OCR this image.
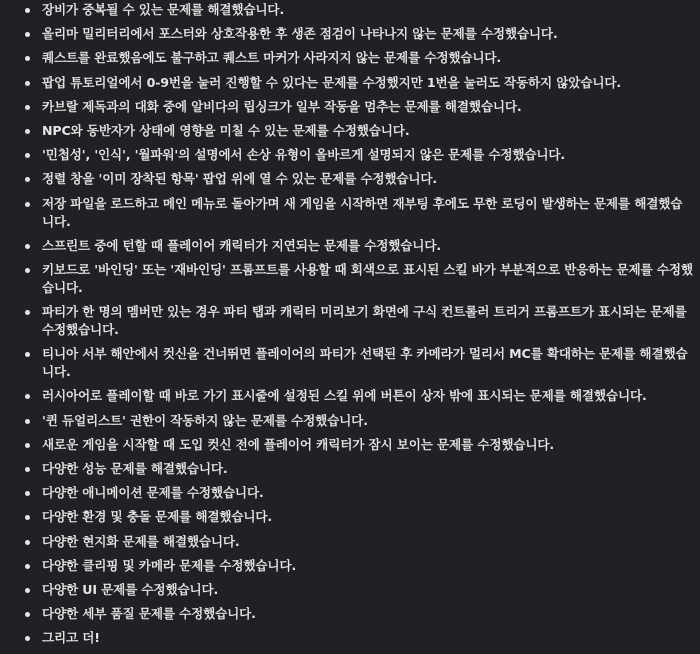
장비가 중복될 수 있는 문제를 해결했습니다.
올리마 밀리터리에서 포스터와 상호작용한 후 생존 점검이 나타나지 않는 문제를 수정했습니다.
퀘스트를 완료했음에도 불구하고 퀘스트 마커가 사라지지 않는 문제를 수정했습니다.
팝업 튜토리얼에서 0-9번을 눌러 진행할 수 있다는 문제를 수정했지만 1번을 눌러도 작동하지 않았습니다.
카브랄 제독과의 대화 중에 알비다의 립싱크가 일부 작동을 멈추는 문제를 해결했습니다.
NPC와 동반자가 상태에 영향을 미칠 수 있는 문제를 수정했습니다.
'민첩성', '인식', '월파워'의 설명에서 손상 유형이 올바르게 설명되지 않은 문제를 수정했습니다.
정렬 창을 '이미 장착된 항목' 팝업 위에 열 수 있는 문제를 수정했습니다.
저장 파일을 로드하고 메인 메뉴로 돌아가며 새 게임을 시작하면 재부팅 후에도 무한 로딩이 발생하는 문제를 해결했습니다.
스프린트 중에 턴할 때 플레이어 캐릭터가 지연되는 문제를 수정했습니다.
키보드로 '바인딩' 또는 '재바인딩' 프롬프트를 사용할 때 회색으로 표시된 스킬 바가 부분적으로 반응하는 문제를 수정했습니다.
파티가 한 명의 멤버만 있는 경우 파티 탭과 캐릭터 미리보기 화면에 구식 컨트롤러 트리거 프롬프트가 표시되는 문제를 수정했습니다.
티니아 서부 해안에서 컷신을 건너뛰면 플레이어의 파티가 선택된 후 카메라가 멀리서 MC를 확대하는 문제를 해결했습니다.
러시아어로 플레이할 때 바로 가기 표시줄에 설정된 스킬 위에 버튼이 상자 밖에 표시되는 문제를 해결했습니다.
'퀸 듀얼리스트' 권한이 작동하지 않는 문제를 수정했습니다.
새로운 게임을 시작할 때 도입 컷신 전에 플레이어 캐릭터가 잠시 보이는 문제를 수정했습니다.
다양한 성능 문제를 해결했습니다.
다양한 애니메이션 문제를 수정했습니다.
다양한 환경 및 충돌 문제를 해결했습니다.
다양한 현지화 문제를 해결했습니다.
다양한 클리핑 및 카메라 문제를 수정했습니다.
다양한 UI 문제를 수정했습니다.
다양한 세부 품질 문제를 수정했습니다.
그리고 더!
